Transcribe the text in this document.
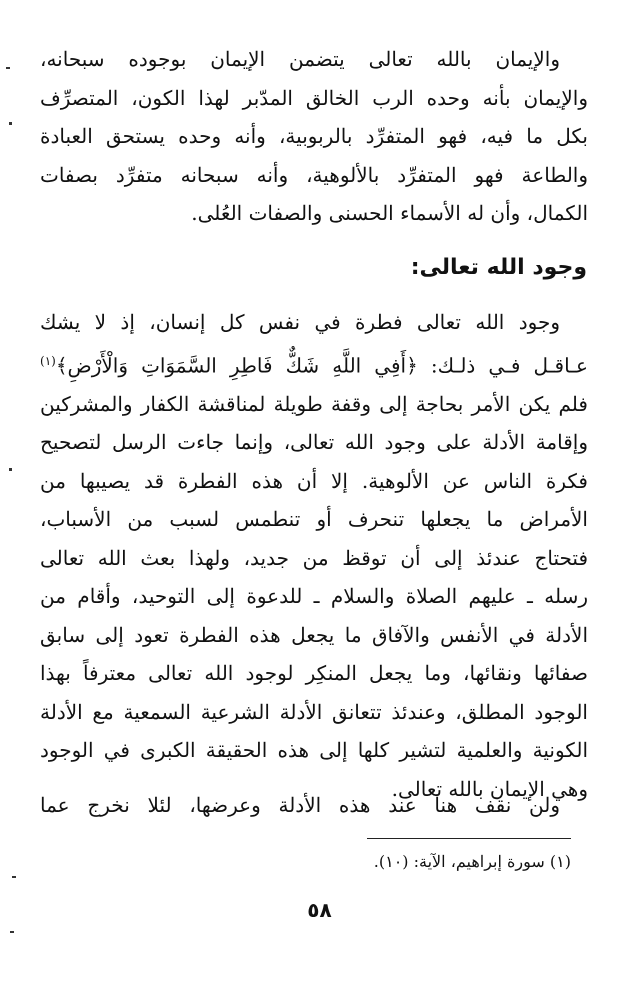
والإيمان بالله تعالى يتضمن الإيمان بوجوده سبحانه،
والإيمان بأنه وحده الرب الخالق المدّبر لهذا الكون، المتصرِّف
بكل ما فيه، فهو المتفرِّد بالربوبية، وأنه وحده يستحق العبادة
والطاعة فهو المتفرِّد بالألوهية، وأنه سبحانه متفرِّد بصفات
الكمال، وأن له الأسماء الحسنى والصفات العُلى.

وجود الله تعالى:

وجود الله تعالى فطرة في نفس كل إنسان، إذ لا يشك
عـاقـل فـي ذلـك: ﴿أَفِي اللَّهِ شَكٌّ فَاطِرِ السَّمَوَاتِ وَالْأَرْضِ﴾$^{(١)}$
فلم يكن الأمر بحاجة إلى وقفة طويلة لمناقشة الكفار والمشركين
وإقامة الأدلة على وجود الله تعالى، وإنما جاءت الرسل لتصحيح
فكرة الناس عن الألوهية. إلا أن هذه الفطرة قد يصيبها من
الأمراض ما يجعلها تنحرف أو تنطمس لسبب من الأسباب،
فتحتاج عندئذ إلى أن توقظ من جديد، ولهذا بعث الله تعالى
رسله ـ عليهم الصلاة والسلام ـ للدعوة إلى التوحيد، وأقام من
الأدلة في الأنفس والآفاق ما يجعل هذه الفطرة تعود إلى سابق
صفائها ونقائها، وما يجعل المنكِر لوجود الله تعالى معترفاً بهذا
الوجود المطلق، وعندئذ تتعانق الأدلة الشرعية السمعية مع الأدلة
الكونية والعلمية لتشير كلها إلى هذه الحقيقة الكبرى في الوجود
وهي الإيمان بالله تعالى.

ولن نقف هنا عند هذه الأدلة وعرضها، لئلا نخرج عما

(١) سورة إبراهيم، الآية: (١٠).

٥٨
